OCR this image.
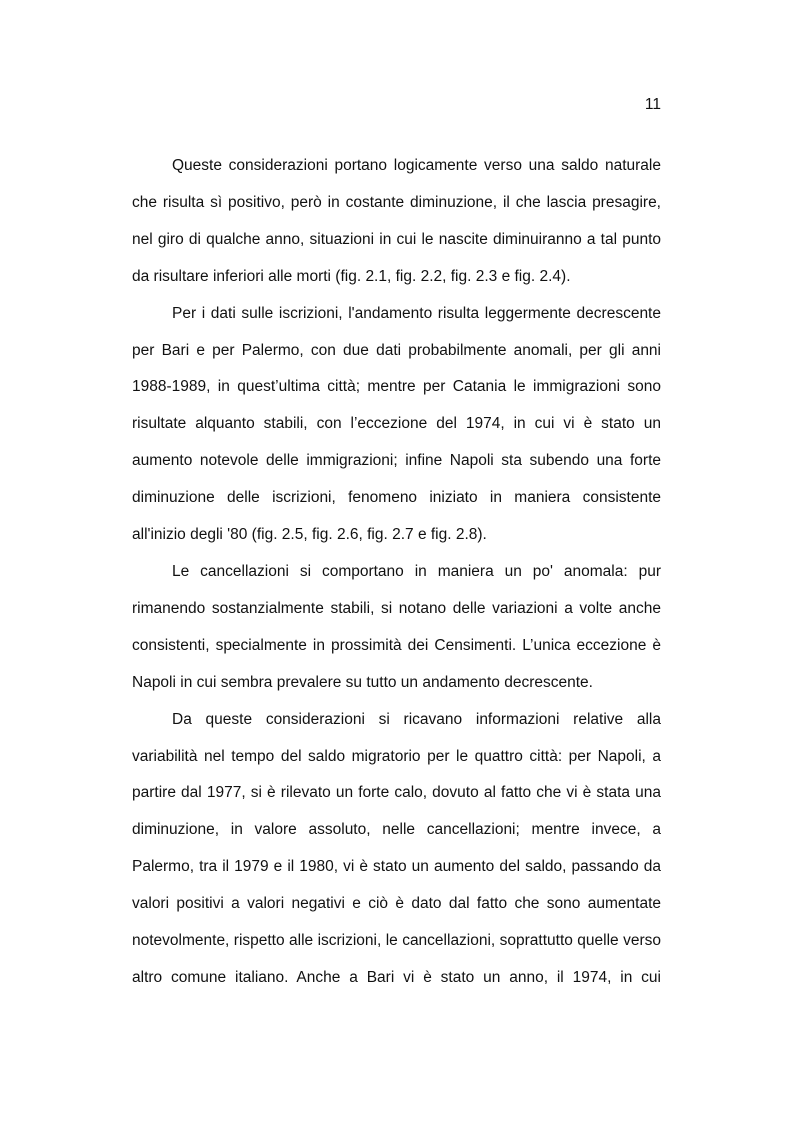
11

Queste considerazioni portano logicamente verso una saldo naturale che risulta sì positivo, però in costante diminuzione, il che lascia presagire, nel giro di qualche anno, situazioni in cui le nascite diminuiranno a tal punto da risultare inferiori alle morti (fig. 2.1, fig. 2.2, fig. 2.3 e fig. 2.4).

Per i dati sulle iscrizioni, l'andamento risulta leggermente decrescente per Bari e per Palermo, con due dati probabilmente anomali, per gli anni 1988-1989, in quest’ultima città; mentre per Catania le immigrazioni sono risultate alquanto stabili, con l’eccezione del 1974, in cui vi è stato un aumento notevole delle immigrazioni; infine Napoli sta subendo una forte diminuzione delle iscrizioni, fenomeno iniziato in maniera consistente all'inizio degli '80 (fig. 2.5, fig. 2.6, fig. 2.7 e fig. 2.8).

Le cancellazioni si comportano in maniera un po' anomala: pur rimanendo sostanzialmente stabili, si notano delle variazioni a volte anche consistenti, specialmente in prossimità dei Censimenti. L’unica eccezione è Napoli in cui sembra prevalere su tutto un andamento decrescente.

Da queste considerazioni si ricavano informazioni relative alla variabilità nel tempo del saldo migratorio per le quattro città: per Napoli, a partire dal 1977, si è rilevato un forte calo, dovuto al fatto che vi è stata una diminuzione, in valore assoluto, nelle cancellazioni; mentre invece, a Palermo, tra il 1979 e il 1980, vi è stato un aumento del saldo, passando da valori positivi a valori negativi e ciò è dato dal fatto che sono aumentate notevolmente, rispetto alle iscrizioni, le cancellazioni, soprattutto quelle verso altro comune italiano. Anche a Bari vi è stato un anno, il 1974, in cui
